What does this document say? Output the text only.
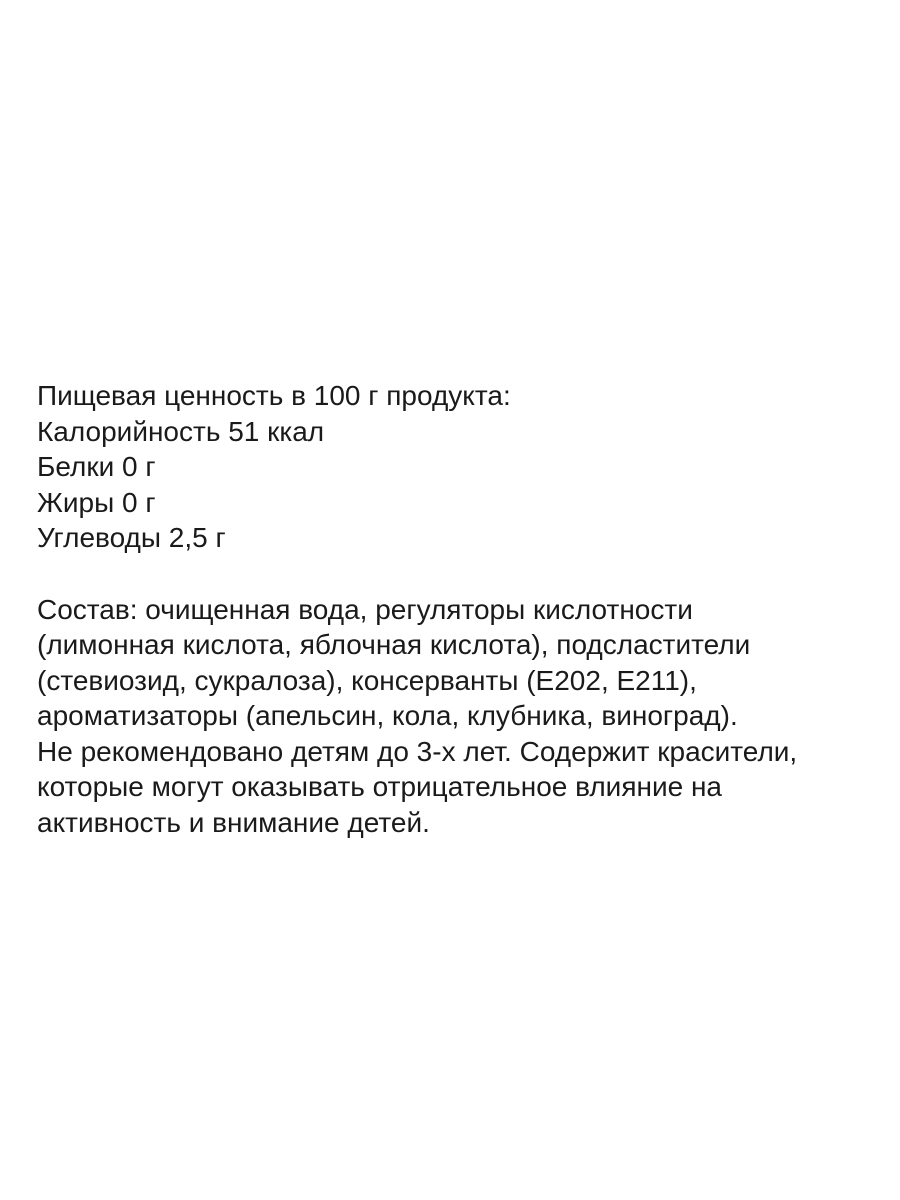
Пищевая ценность в 100 г продукта:
Калорийность 51 ккал
Белки 0 г
Жиры 0 г
Углеводы 2,5 г
Состав: очищенная вода, регуляторы кислотности
(лимонная кислота, яблочная кислота), подсластители
(стевиозид, сукралоза), консерванты (E202, E211),
ароматизаторы (апельсин, кола, клубника, виноград).
Не рекомендовано детям до 3-х лет. Содержит красители,
которые могут оказывать отрицательное влияние на
активность и внимание детей.
